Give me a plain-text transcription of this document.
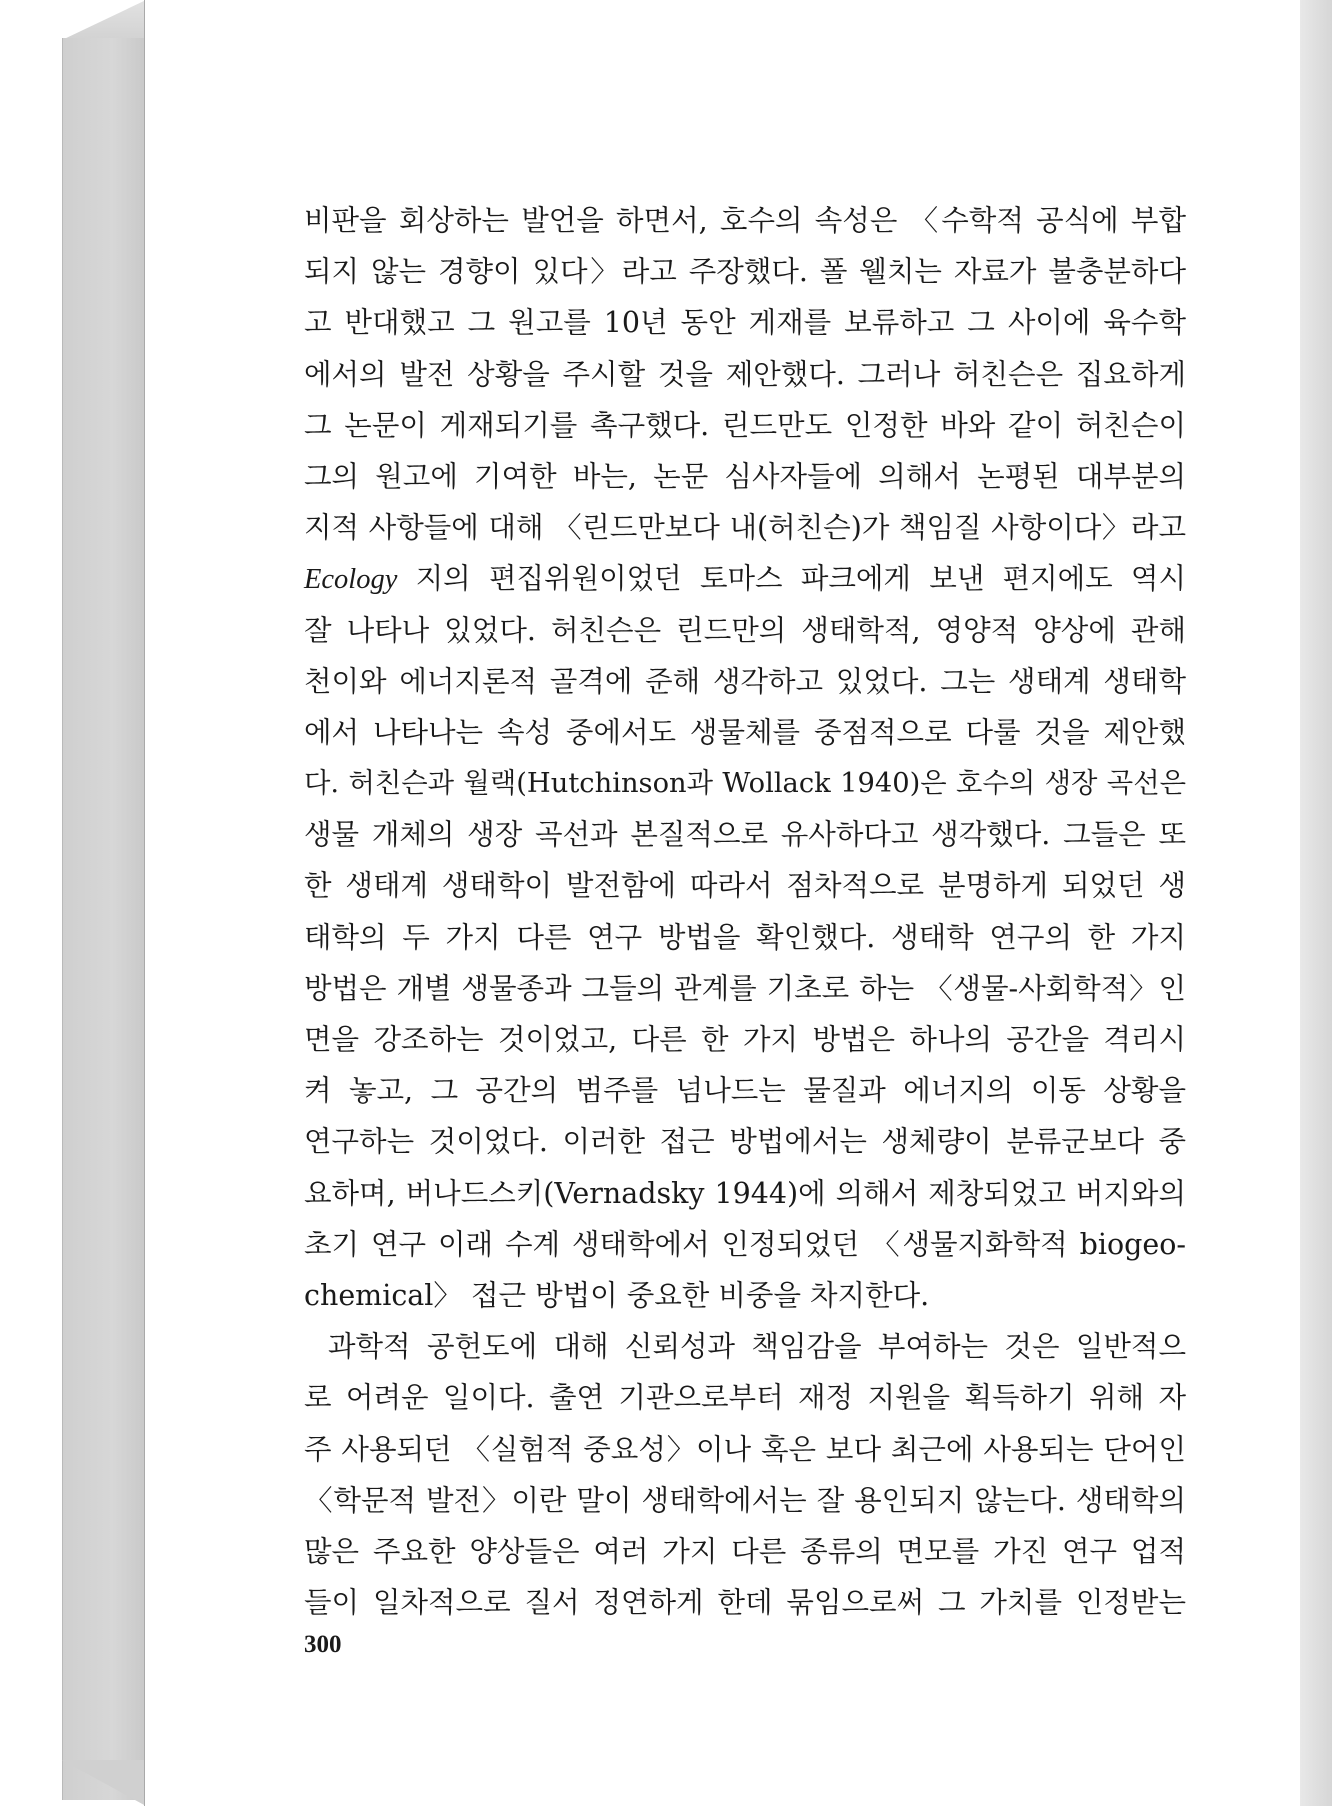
비판을 회상하는 발언을 하면서, 호수의 속성은 〈수학적 공식에 부합
되지 않는 경향이 있다〉라고 주장했다. 폴 웰치는 자료가 불충분하다
고 반대했고 그 원고를 10년 동안 게재를 보류하고 그 사이에 육수학
에서의 발전 상황을 주시할 것을 제안했다. 그러나 허친슨은 집요하게
그 논문이 게재되기를 촉구했다. 린드만도 인정한 바와 같이 허친슨이
그의 원고에 기여한 바는, 논문 심사자들에 의해서 논평된 대부분의
지적 사항들에 대해 〈린드만보다 내(허친슨)가 책임질 사항이다〉라고
Ecology 지의 편집위원이었던 토마스 파크에게 보낸 편지에도 역시
잘 나타나 있었다. 허친슨은 린드만의 생태학적, 영양적 양상에 관해
천이와 에너지론적 골격에 준해 생각하고 있었다. 그는 생태계 생태학
에서 나타나는 속성 중에서도 생물체를 중점적으로 다룰 것을 제안했
다. 허친슨과 월랙(Hutchinson과 Wollack 1940)은 호수의 생장 곡선은
생물 개체의 생장 곡선과 본질적으로 유사하다고 생각했다. 그들은 또
한 생태계 생태학이 발전함에 따라서 점차적으로 분명하게 되었던 생
태학의 두 가지 다른 연구 방법을 확인했다. 생태학 연구의 한 가지
방법은 개별 생물종과 그들의 관계를 기초로 하는 〈생물-사회학적〉인
면을 강조하는 것이었고, 다른 한 가지 방법은 하나의 공간을 격리시
켜 놓고, 그 공간의 범주를 넘나드는 물질과 에너지의 이동 상황을
연구하는 것이었다. 이러한 접근 방법에서는 생체량이 분류군보다 중
요하며, 버나드스키(Vernadsky 1944)에 의해서 제창되었고 버지와의
초기 연구 이래 수계 생태학에서 인정되었던 〈생물지화학적 biogeo-
chemical〉 접근 방법이 중요한 비중을 차지한다.
과학적 공헌도에 대해 신뢰성과 책임감을 부여하는 것은 일반적으
로 어려운 일이다. 출연 기관으로부터 재정 지원을 획득하기 위해 자
주 사용되던 〈실험적 중요성〉이나 혹은 보다 최근에 사용되는 단어인
〈학문적 발전〉이란 말이 생태학에서는 잘 용인되지 않는다. 생태학의
많은 주요한 양상들은 여러 가지 다른 종류의 면모를 가진 연구 업적
들이 일차적으로 질서 정연하게 한데 묶임으로써 그 가치를 인정받는
300
